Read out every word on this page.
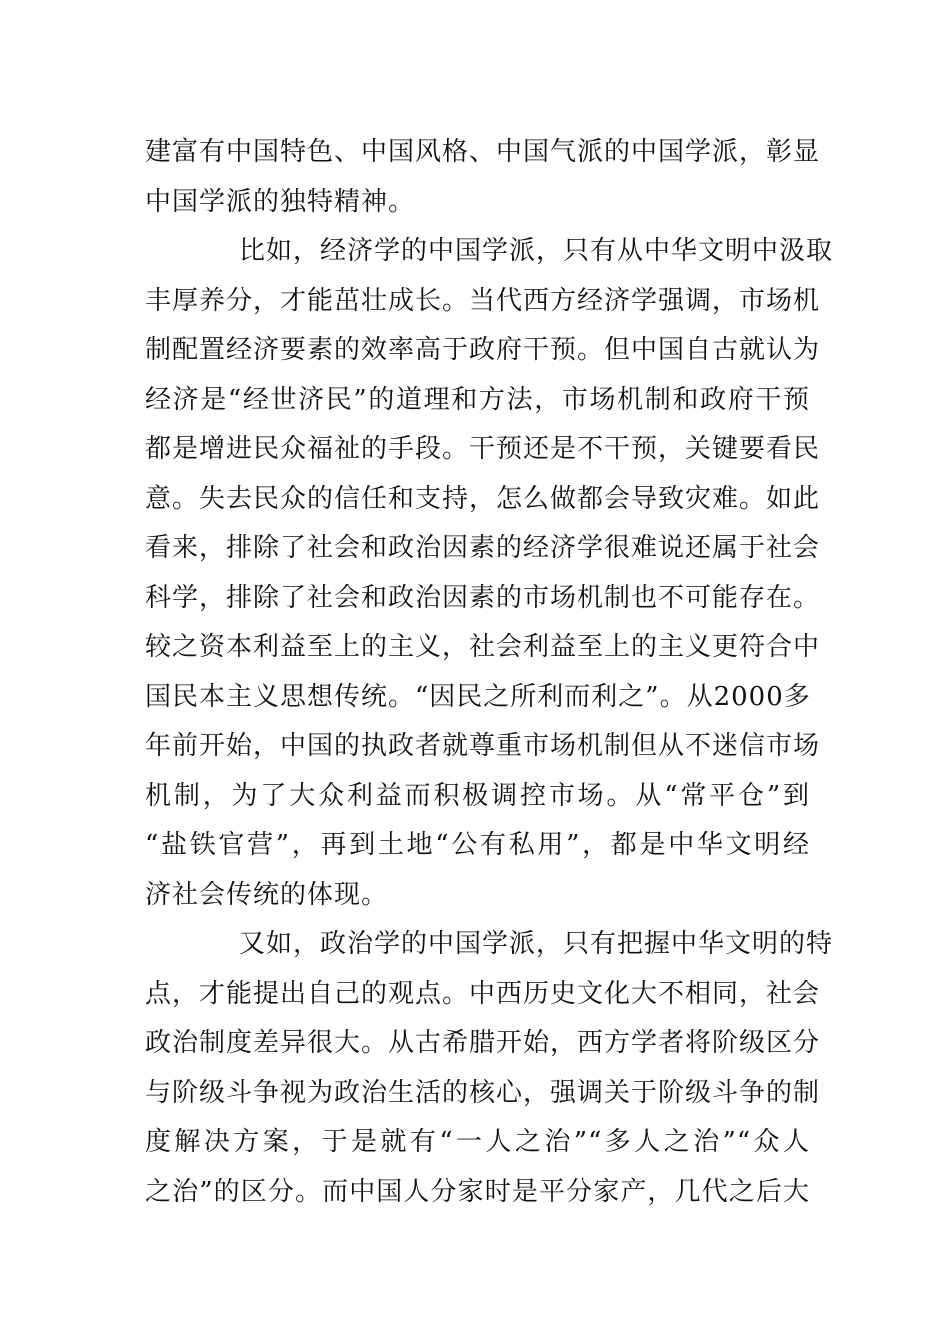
建富有中国特色、中国风格、中国气派的中国学派，彰显
中国学派的独特精神。
比如，经济学的中国学派，只有从中华文明中汲取
丰厚养分，才能茁壮成长。当代西方经济学强调，市场机
制配置经济要素的效率高于政府干预。但中国自古就认为
经济是“经世济民”的道理和方法，市场机制和政府干预
都是增进民众福祉的手段。干预还是不干预，关键要看民
意。失去民众的信任和支持，怎么做都会导致灾难。如此
看来，排除了社会和政治因素的经济学很难说还属于社会
科学，排除了社会和政治因素的市场机制也不可能存在。
较之资本利益至上的主义，社会利益至上的主义更符合中
国民本主义思想传统。“因民之所利而利之”。从2000多
年前开始，中国的执政者就尊重市场机制但从不迷信市场
机制，为了大众利益而积极调控市场。从“常平仓”到
“盐铁官营”，再到土地“公有私用”，都是中华文明经
济社会传统的体现。
又如，政治学的中国学派，只有把握中华文明的特
点，才能提出自己的观点。中西历史文化大不相同，社会
政治制度差异很大。从古希腊开始，西方学者将阶级区分
与阶级斗争视为政治生活的核心，强调关于阶级斗争的制
度解决方案，于是就有“一人之治”“多人之治”“众人
之治”的区分。而中国人分家时是平分家产，几代之后大
